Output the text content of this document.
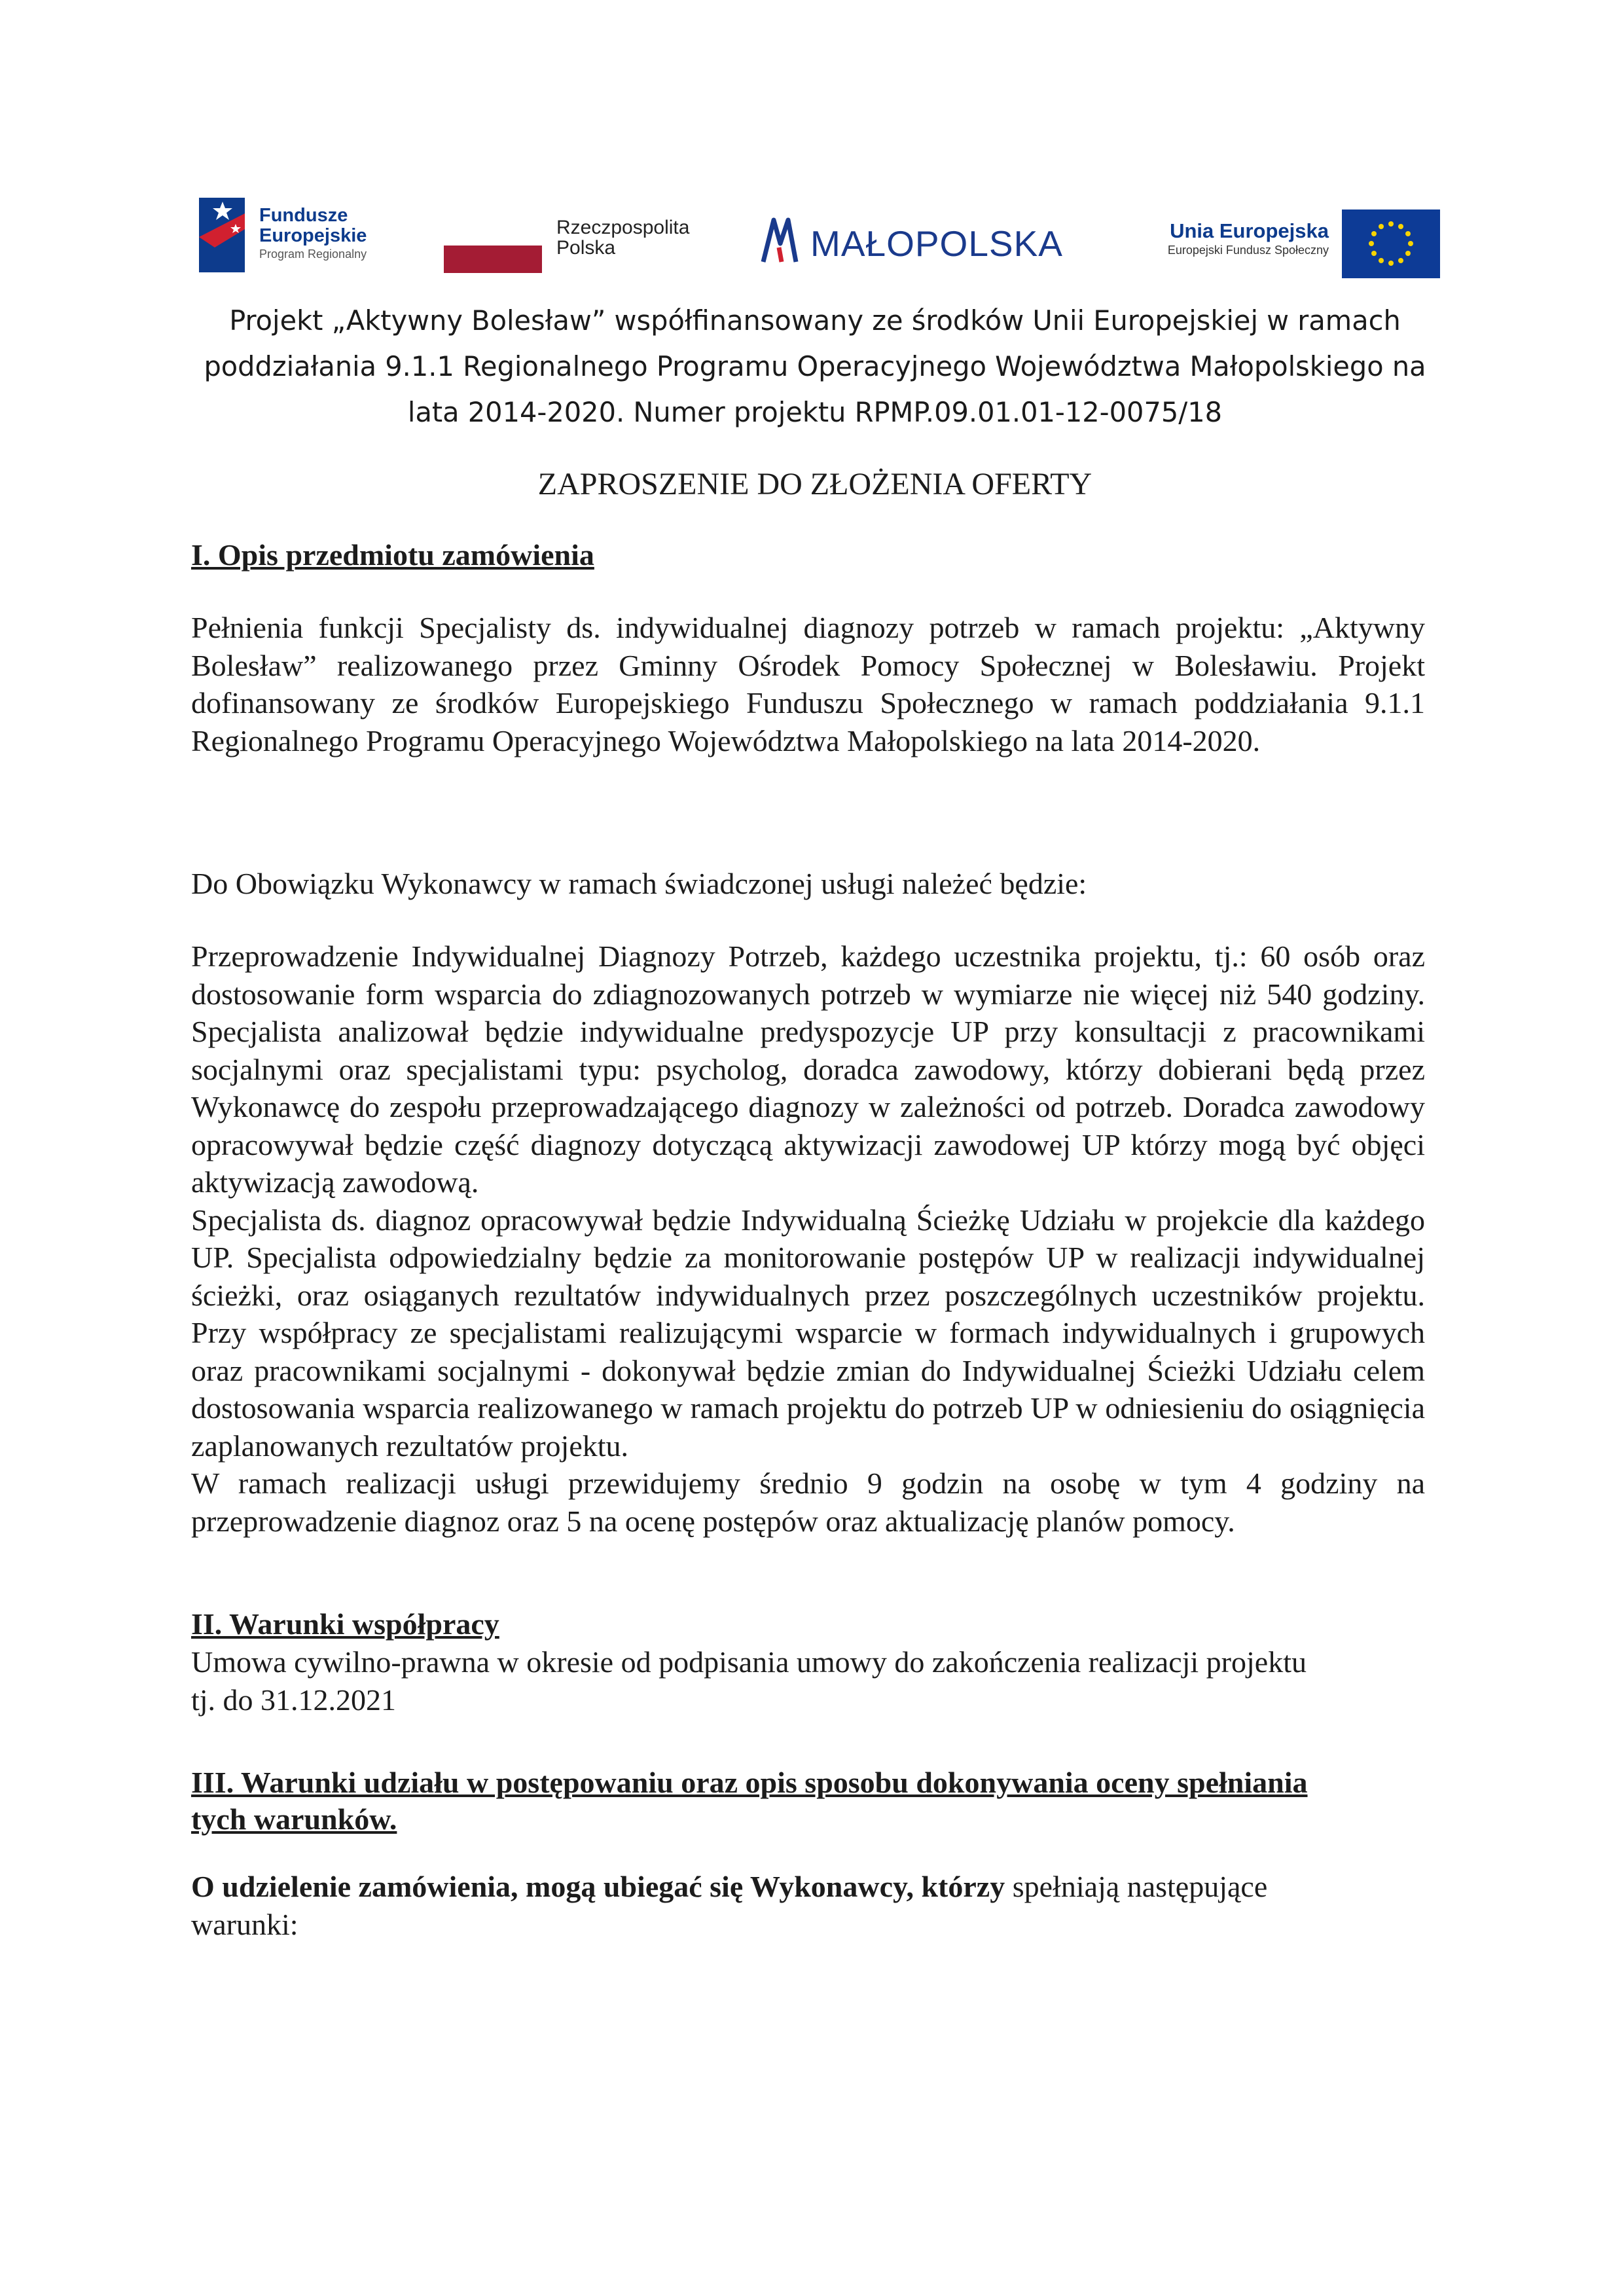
Fundusze
Europejskie
Program Regionalny
Rzeczpospolita
Polska	MAŁOPOLSKA	Unia Europejska
Europejski Fundusz Społeczny
Projekt „Aktywny Bolesław” współfinansowany ze środków Unii Europejskiej w ramach
poddziałania 9.1.1 Regionalnego Programu Operacyjnego Województwa Małopolskiego na
lata 2014-2020. Numer projektu RPMP.09.01.01-12-0075/18
ZAPROSZENIE DO ZŁOŻENIA OFERTY
I. Opis przedmiotu zamówienia
Pełnienia funkcji Specjalisty ds. indywidualnej diagnozy potrzeb w ramach projektu: „Aktywny Bolesław” realizowanego przez Gminny Ośrodek Pomocy Społecznej w Bolesławiu. Projekt dofinansowany ze środków Europejskiego Funduszu Społecznego w ramach poddziałania 9.1.1 Regionalnego Programu Operacyjnego Województwa Małopolskiego na lata 2014-2020.
Do Obowiązku Wykonawcy w ramach świadczonej usługi należeć będzie:
Przeprowadzenie Indywidualnej Diagnozy Potrzeb, każdego uczestnika projektu, tj.: 60 osób oraz dostosowanie form wsparcia do zdiagnozowanych potrzeb w wymiarze nie więcej niż 540 godziny. Specjalista analizował będzie indywidualne predyspozycje UP przy konsultacji z pracownikami socjalnymi oraz specjalistami typu: psycholog, doradca zawodowy, którzy dobierani będą przez Wykonawcę do zespołu przeprowadzającego diagnozy w zależności od potrzeb. Doradca zawodowy opracowywał będzie część diagnozy dotyczącą aktywizacji zawodowej UP którzy mogą być objęci aktywizacją zawodową.
Specjalista ds. diagnoz opracowywał będzie Indywidualną Ścieżkę Udziału w projekcie dla każdego UP. Specjalista odpowiedzialny będzie za monitorowanie postępów UP w realizacji indywidualnej ścieżki, oraz osiąganych rezultatów indywidualnych przez poszczególnych uczestników projektu. Przy współpracy ze specjalistami realizującymi wsparcie w formach indywidualnych i grupowych oraz pracownikami socjalnymi - dokonywał będzie zmian do Indywidualnej Ścieżki Udziału celem dostosowania wsparcia realizowanego w ramach projektu do potrzeb UP w odniesieniu do osiągnięcia zaplanowanych rezultatów projektu.
W ramach realizacji usługi przewidujemy średnio 9 godzin na osobę w tym 4 godziny na przeprowadzenie diagnoz oraz 5 na ocenę postępów oraz aktualizację planów pomocy.
II. Warunki współpracy
Umowa cywilno-prawna w okresie od podpisania umowy do zakończenia realizacji projektu
tj. do 31.12.2021
III. Warunki udziału w postępowaniu oraz opis sposobu dokonywania oceny spełniania
tych warunków.
O udzielenie zamówienia, mogą ubiegać się Wykonawcy, którzy spełniają następujące
warunki:
